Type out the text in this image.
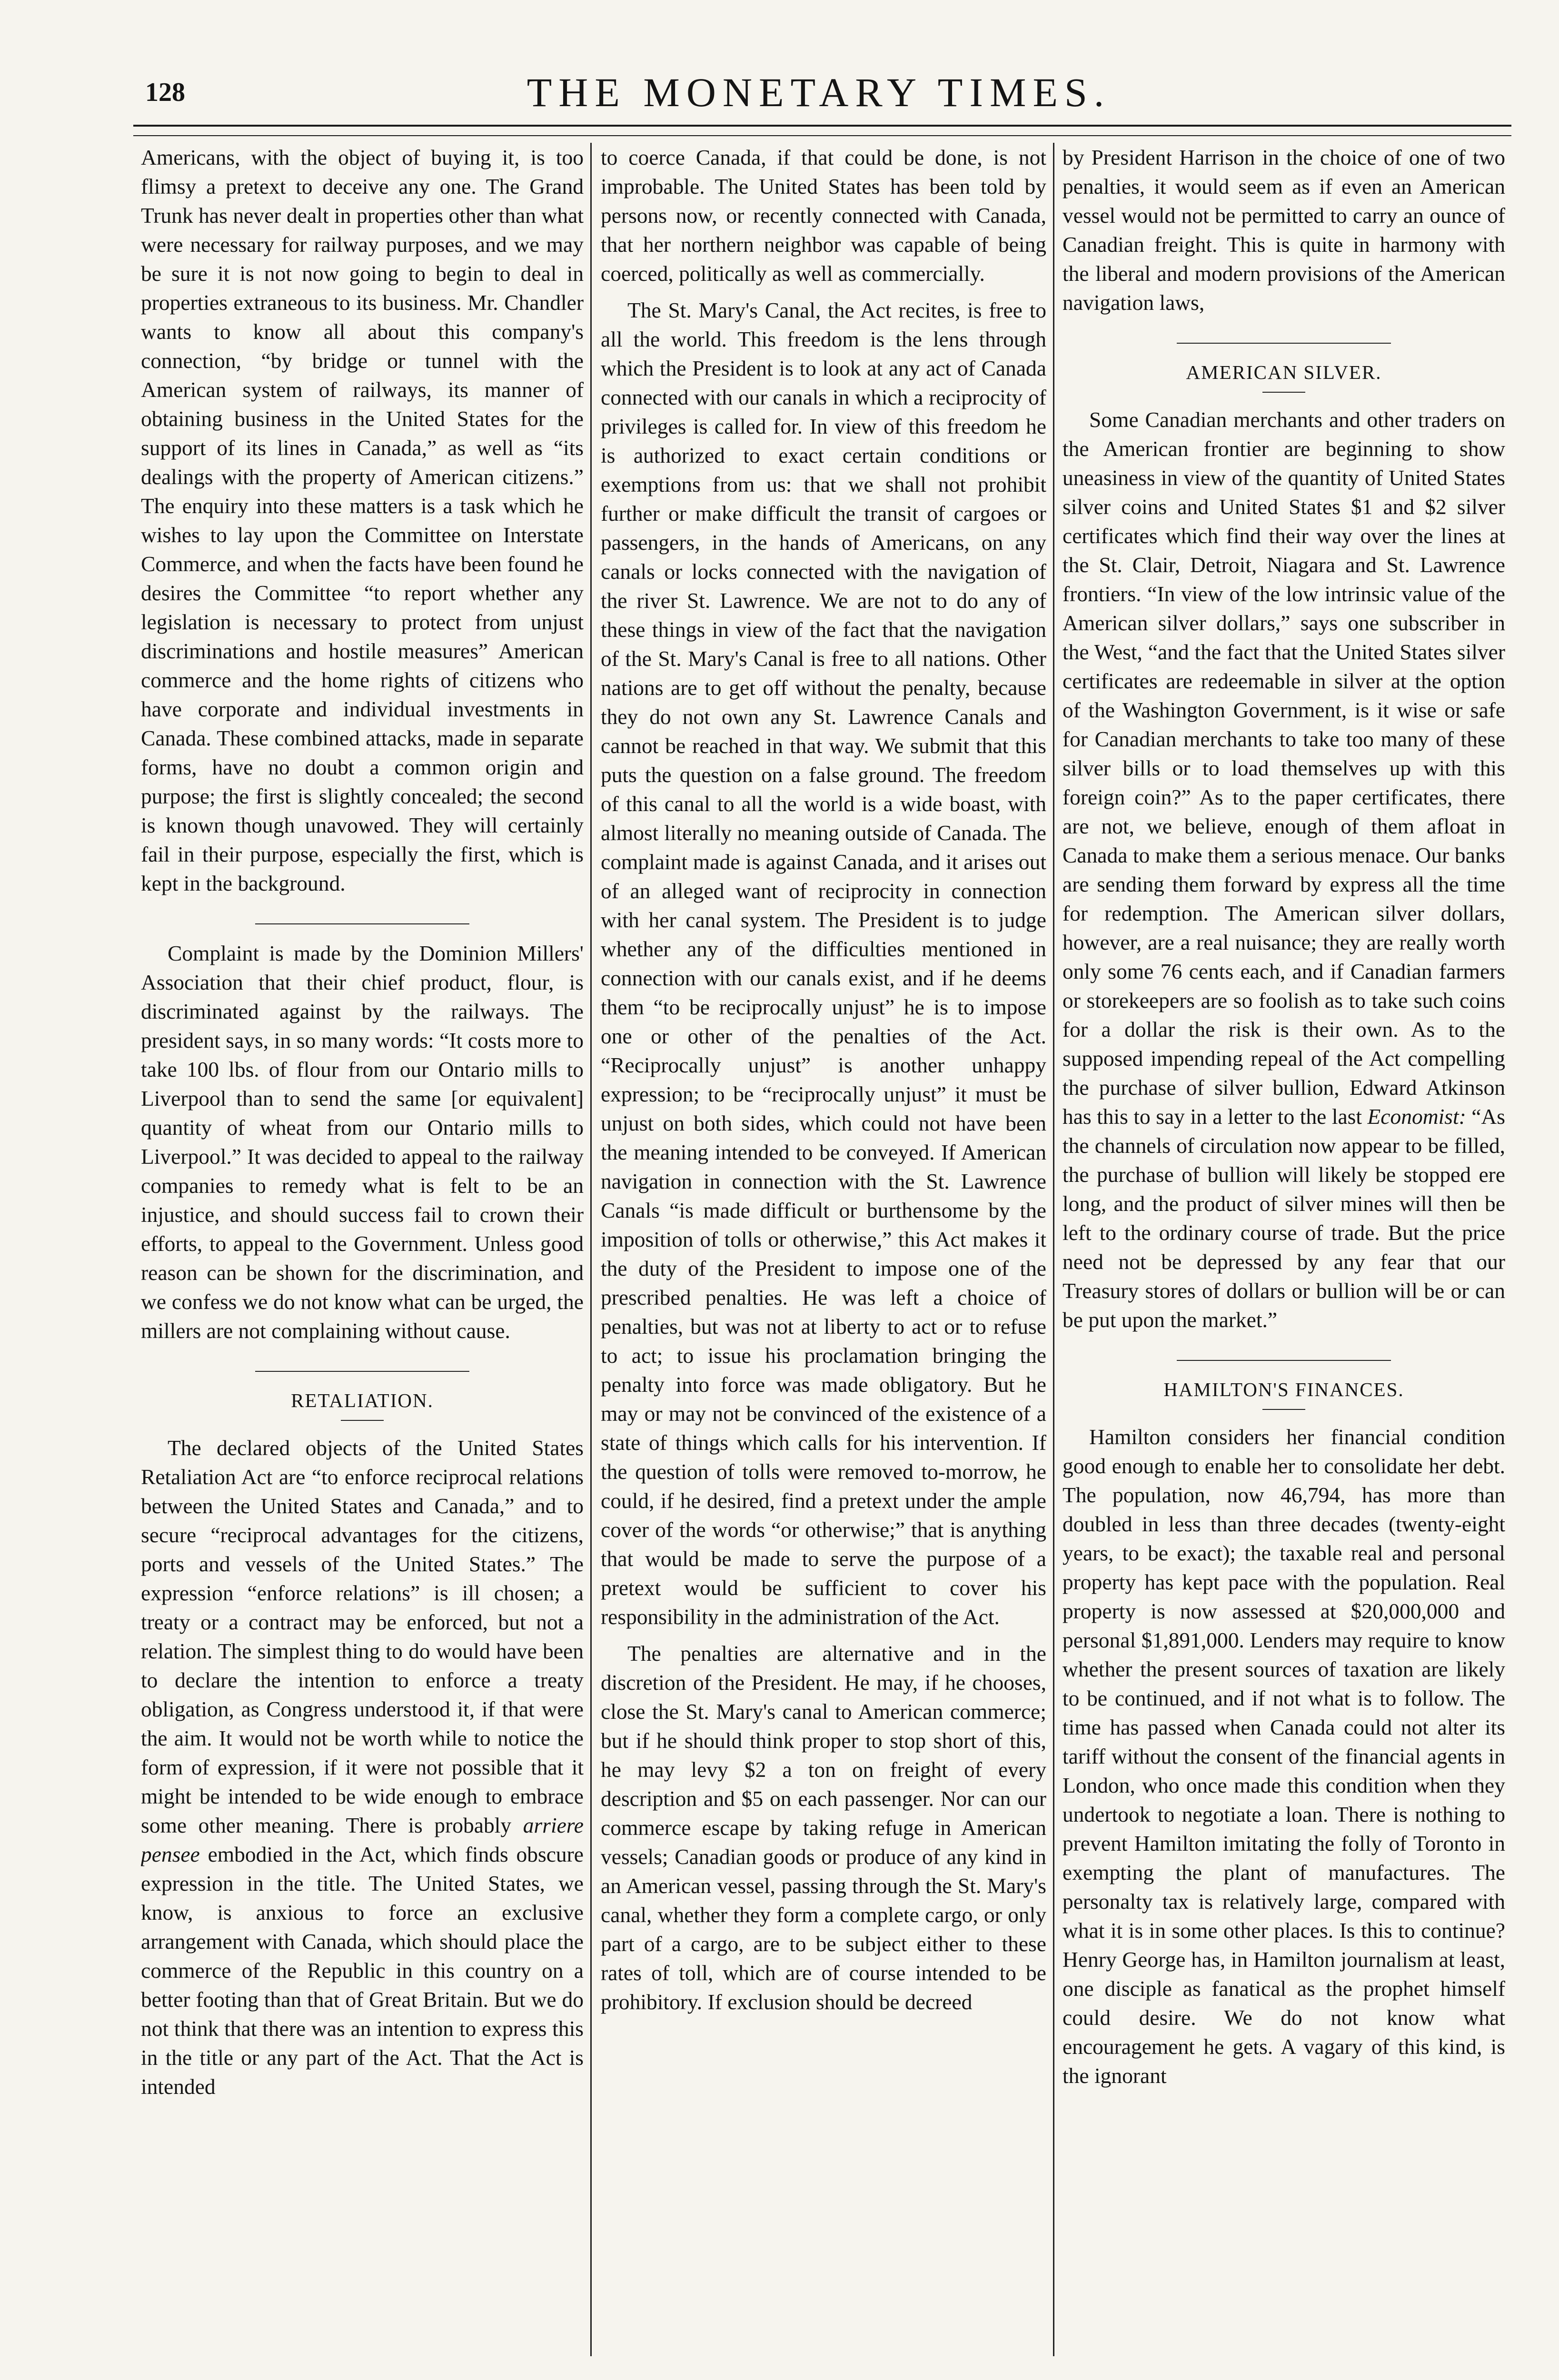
128	THE MONETARY TIMES.

Americans, with the object of buying it, is too flimsy a pretext to deceive any one. The Grand Trunk has never dealt in properties other than what were necessary for railway purposes, and we may be sure it is not now going to begin to deal in properties extraneous to its business. Mr. Chandler wants to know all about this company's connection, “by bridge or tunnel with the American system of railways, its manner of obtaining business in the United States for the support of its lines in Canada,” as well as “its dealings with the property of American citizens.” The enquiry into these matters is a task which he wishes to lay upon the Committee on Interstate Commerce, and when the facts have been found he desires the Committee “to report whether any legislation is necessary to protect from unjust discriminations and hostile measures” American commerce and the home rights of citizens who have corporate and individual investments in Canada. These combined attacks, made in separate forms, have no doubt a common origin and purpose; the first is slightly concealed; the second is known though unavowed. They will certainly fail in their purpose, especially the first, which is kept in the background.

Complaint is made by the Dominion Millers' Association that their chief product, flour, is discriminated against by the railways. The president says, in so many words: “It costs more to take 100 lbs. of flour from our Ontario mills to Liverpool than to send the same [or equivalent] quantity of wheat from our Ontario mills to Liverpool.” It was decided to appeal to the railway companies to remedy what is felt to be an injustice, and should success fail to crown their efforts, to appeal to the Government. Unless good reason can be shown for the discrimination, and we confess we do not know what can be urged, the millers are not complaining without cause.

RETALIATION.

The declared objects of the United States Retaliation Act are “to enforce reciprocal relations between the United States and Canada,” and to secure “reciprocal advantages for the citizens, ports and vessels of the United States.” The expression “enforce relations” is ill chosen; a treaty or a contract may be enforced, but not a relation. The simplest thing to do would have been to declare the intention to enforce a treaty obligation, as Congress understood it, if that were the aim. It would not be worth while to notice the form of expression, if it were not possible that it might be intended to be wide enough to embrace some other meaning. There is probably arriere pensee embodied in the Act, which finds obscure expression in the title. The United States, we know, is anxious to force an exclusive arrangement with Canada, which should place the commerce of the Republic in this country on a better footing than that of Great Britain. But we do not think that there was an intention to express this in the title or any part of the Act. That the Act is intended

to coerce Canada, if that could be done, is not improbable. The United States has been told by persons now, or recently connected with Canada, that her northern neighbor was capable of being coerced, politically as well as commercially.

The St. Mary's Canal, the Act recites, is free to all the world. This freedom is the lens through which the President is to look at any act of Canada connected with our canals in which a reciprocity of privileges is called for. In view of this freedom he is authorized to exact certain conditions or exemptions from us: that we shall not prohibit further or make difficult the transit of cargoes or passengers, in the hands of Americans, on any canals or locks connected with the navigation of the river St. Lawrence. We are not to do any of these things in view of the fact that the navigation of the St. Mary's Canal is free to all nations. Other nations are to get off without the penalty, because they do not own any St. Lawrence Canals and cannot be reached in that way. We submit that this puts the question on a false ground. The freedom of this canal to all the world is a wide boast, with almost literally no meaning outside of Canada. The complaint made is against Canada, and it arises out of an alleged want of reciprocity in connection with her canal system. The President is to judge whether any of the difficulties mentioned in connection with our canals exist, and if he deems them “to be reciprocally unjust” he is to impose one or other of the penalties of the Act. “Reciprocally unjust” is another unhappy expression; to be “reciprocally unjust” it must be unjust on both sides, which could not have been the meaning intended to be conveyed. If American navigation in connection with the St. Lawrence Canals “is made difficult or burthensome by the imposition of tolls or otherwise,” this Act makes it the duty of the President to impose one of the prescribed penalties. He was left a choice of penalties, but was not at liberty to act or to refuse to act; to issue his proclamation bringing the penalty into force was made obligatory. But he may or may not be convinced of the existence of a state of things which calls for his intervention. If the question of tolls were removed to-morrow, he could, if he desired, find a pretext under the ample cover of the words “or otherwise;” that is anything that would be made to serve the purpose of a pretext would be sufficient to cover his responsibility in the administration of the Act.

The penalties are alternative and in the discretion of the President. He may, if he chooses, close the St. Mary's canal to American commerce; but if he should think proper to stop short of this, he may levy $2 a ton on freight of every description and $5 on each passenger. Nor can our commerce escape by taking refuge in American vessels; Canadian goods or produce of any kind in an American vessel, passing through the St. Mary's canal, whether they form a complete cargo, or only part of a cargo, are to be subject either to these rates of toll, which are of course intended to be prohibitory. If exclusion should be decreed

by President Harrison in the choice of one of two penalties, it would seem as if even an American vessel would not be permitted to carry an ounce of Canadian freight. This is quite in harmony with the liberal and modern provisions of the American navigation laws,

AMERICAN SILVER.

Some Canadian merchants and other traders on the American frontier are beginning to show uneasiness in view of the quantity of United States silver coins and United States $1 and $2 silver certificates which find their way over the lines at the St. Clair, Detroit, Niagara and St. Lawrence frontiers. “In view of the low intrinsic value of the American silver dollars,” says one subscriber in the West, “and the fact that the United States silver certificates are redeemable in silver at the option of the Washington Government, is it wise or safe for Canadian merchants to take too many of these silver bills or to load themselves up with this foreign coin?” As to the paper certificates, there are not, we believe, enough of them afloat in Canada to make them a serious menace. Our banks are sending them forward by express all the time for redemption. The American silver dollars, however, are a real nuisance; they are really worth only some 76 cents each, and if Canadian farmers or storekeepers are so foolish as to take such coins for a dollar the risk is their own. As to the supposed impending repeal of the Act compelling the purchase of silver bullion, Edward Atkinson has this to say in a letter to the last Economist: “As the channels of circulation now appear to be filled, the purchase of bullion will likely be stopped ere long, and the product of silver mines will then be left to the ordinary course of trade. But the price need not be depressed by any fear that our Treasury stores of dollars or bullion will be or can be put upon the market.”

HAMILTON'S FINANCES.

Hamilton considers her financial condition good enough to enable her to consolidate her debt. The population, now 46,794, has more than doubled in less than three decades (twenty-eight years, to be exact); the taxable real and personal property has kept pace with the population. Real property is now assessed at $20,000,000 and personal $1,891,000. Lenders may require to know whether the present sources of taxation are likely to be continued, and if not what is to follow. The time has passed when Canada could not alter its tariff without the consent of the financial agents in London, who once made this condition when they undertook to negotiate a loan. There is nothing to prevent Hamilton imitating the folly of Toronto in exempting the plant of manufactures. The personalty tax is relatively large, compared with what it is in some other places. Is this to continue? Henry George has, in Hamilton journalism at least, one disciple as fanatical as the prophet himself could desire. We do not know what encouragement he gets. A vagary of this kind, is the ignorant
